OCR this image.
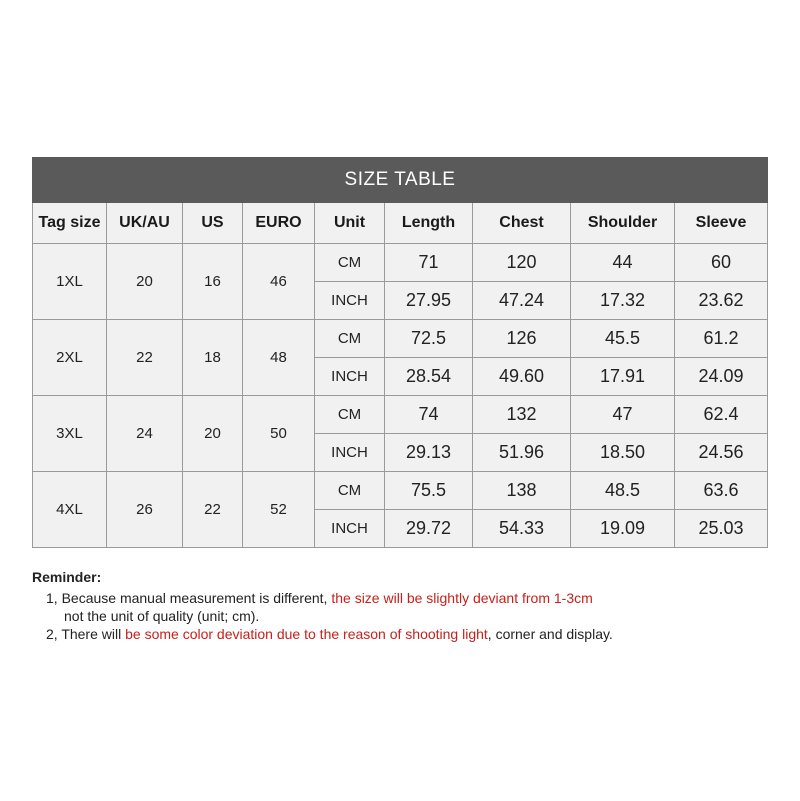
SIZE TABLE								
Tag size	UK/AU	US	EURO	Unit	Length	Chest	Shoulder	Sleeve
1XL	20	16	46	CM	71	120	44	60
				INCH	27.95	47.24	17.32	23.62
2XL	22	18	48	CM	72.5	126	45.5	61.2
				INCH	28.54	49.60	17.91	24.09
3XL	24	20	50	CM	74	132	47	62.4
				INCH	29.13	51.96	18.50	24.56
4XL	26	22	52	CM	75.5	138	48.5	63.6
				INCH	29.72	54.33	19.09	25.03
Reminder:
1, Because manual measurement is different, the size will be slightly deviant from 1-3cm
not the unit of quality (unit; cm).
2, There will be some color deviation due to the reason of shooting light, corner and display.
